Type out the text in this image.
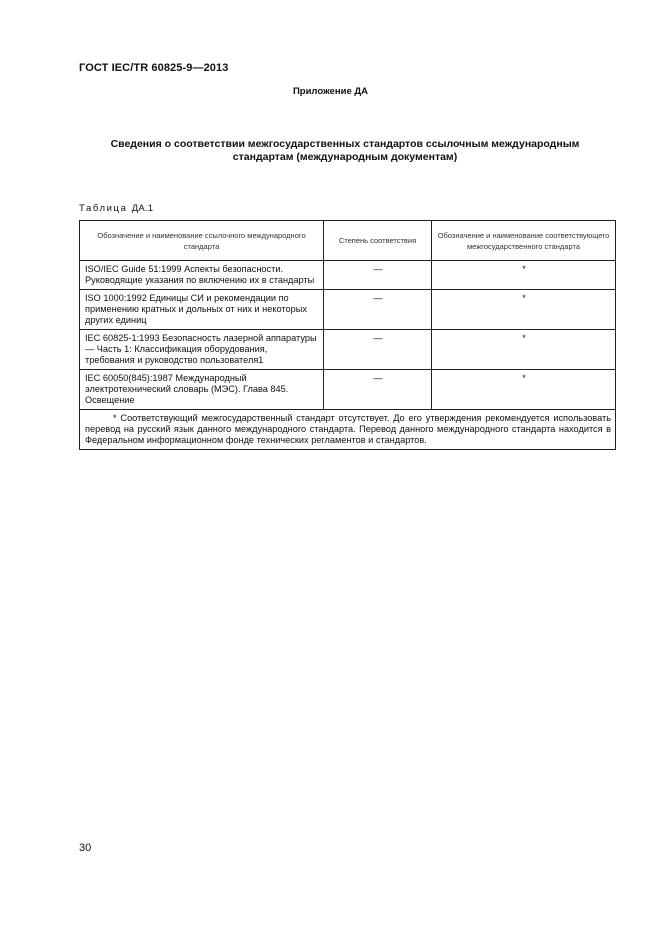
ГОСТ IEC/TR 60825-9—2013
Приложение ДА
Сведения о соответствии межгосударственных стандартов ссылочным международным
стандартам (международным документам)
Таблица ДА.1
Обозначение и наименование ссылочного международного стандарта	Степень соответствия	Обозначение и наименование соответствующего межгосударственного стандарта
ISO/IEC Guide 51:1999 Аспекты безопасности. Руководящие указания по включению их в стандарты	—	*
ISO 1000:1992 Единицы СИ и рекомендации по применению кратных и дольных от них и некоторых других единиц	—	*
IEC 60825-1:1993 Безопасность лазерной аппаратуры — Часть 1: Классификация оборудования, требования и руководство пользователя1	—	*
IEC 60050(845):1987 Международный электротехнический словарь (МЭС). Глава 845. Освещение	—	*
* Соответствующий межгосударственный стандарт отсутствует. До его утверждения рекомендуется использовать перевод на русский язык данного международного стандарта. Перевод данного международного стандарта находится в Федеральном информационном фонде технических регламентов и стандартов.		
30
